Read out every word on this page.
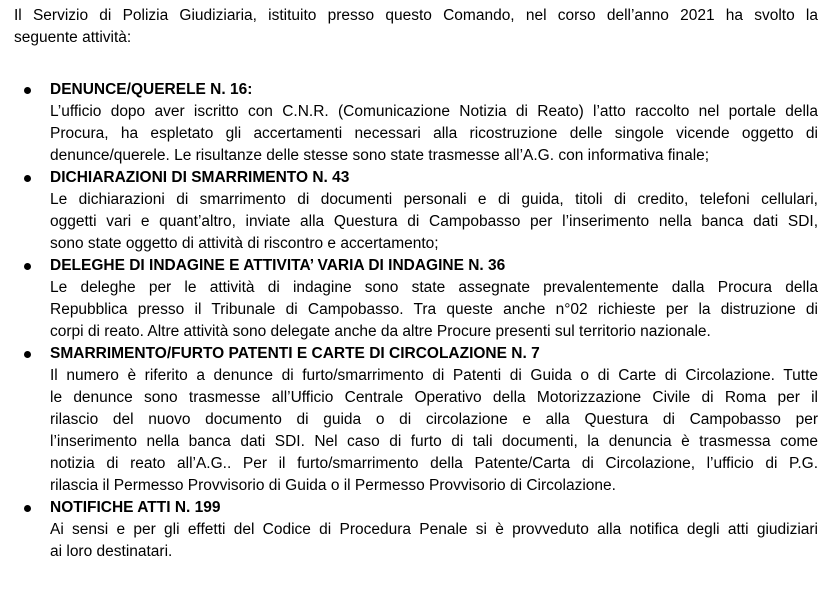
Il Servizio di Polizia Giudiziaria, istituito presso questo Comando, nel corso dell’anno 2021 ha svolto la
seguente attività:

DENUNCE/QUERELE N. 16:

L’ufficio dopo aver iscritto con C.N.R. (Comunicazione Notizia di Reato) l’atto raccolto nel portale della
Procura, ha espletato gli accertamenti necessari alla ricostruzione delle singole vicende oggetto di
denunce/querele. Le risultanze delle stesse sono state trasmesse all’A.G. con informativa finale;

DICHIARAZIONI DI SMARRIMENTO N. 43

Le dichiarazioni di smarrimento di documenti personali e di guida, titoli di credito, telefoni cellulari,
oggetti vari e quant’altro, inviate alla Questura di Campobasso per l’inserimento nella banca dati SDI,
sono state oggetto di attività di riscontro e accertamento;

DELEGHE DI INDAGINE E ATTIVITA’ VARIA DI INDAGINE N. 36

Le deleghe per le attività di indagine sono state assegnate prevalentemente dalla Procura della
Repubblica presso il Tribunale di Campobasso. Tra queste anche n°02 richieste per la distruzione di
corpi di reato. Altre attività sono delegate anche da altre Procure presenti sul territorio nazionale.

SMARRIMENTO/FURTO PATENTI E CARTE DI CIRCOLAZIONE N. 7

Il numero è riferito a denunce di furto/smarrimento di Patenti di Guida o di Carte di Circolazione. Tutte
le denunce sono trasmesse all’Ufficio Centrale Operativo della Motorizzazione Civile di Roma per il
rilascio del nuovo documento di guida o di circolazione e alla Questura di Campobasso per
l’inserimento nella banca dati SDI. Nel caso di furto di tali documenti, la denuncia è trasmessa come
notizia di reato all’A.G.. Per il furto/smarrimento della Patente/Carta di Circolazione, l’ufficio di P.G.
rilascia il Permesso Provvisorio di Guida o il Permesso Provvisorio di Circolazione.

NOTIFICHE ATTI N. 199

Ai sensi e per gli effetti del Codice di Procedura Penale si è provveduto alla notifica degli atti giudiziari
ai loro destinatari.
